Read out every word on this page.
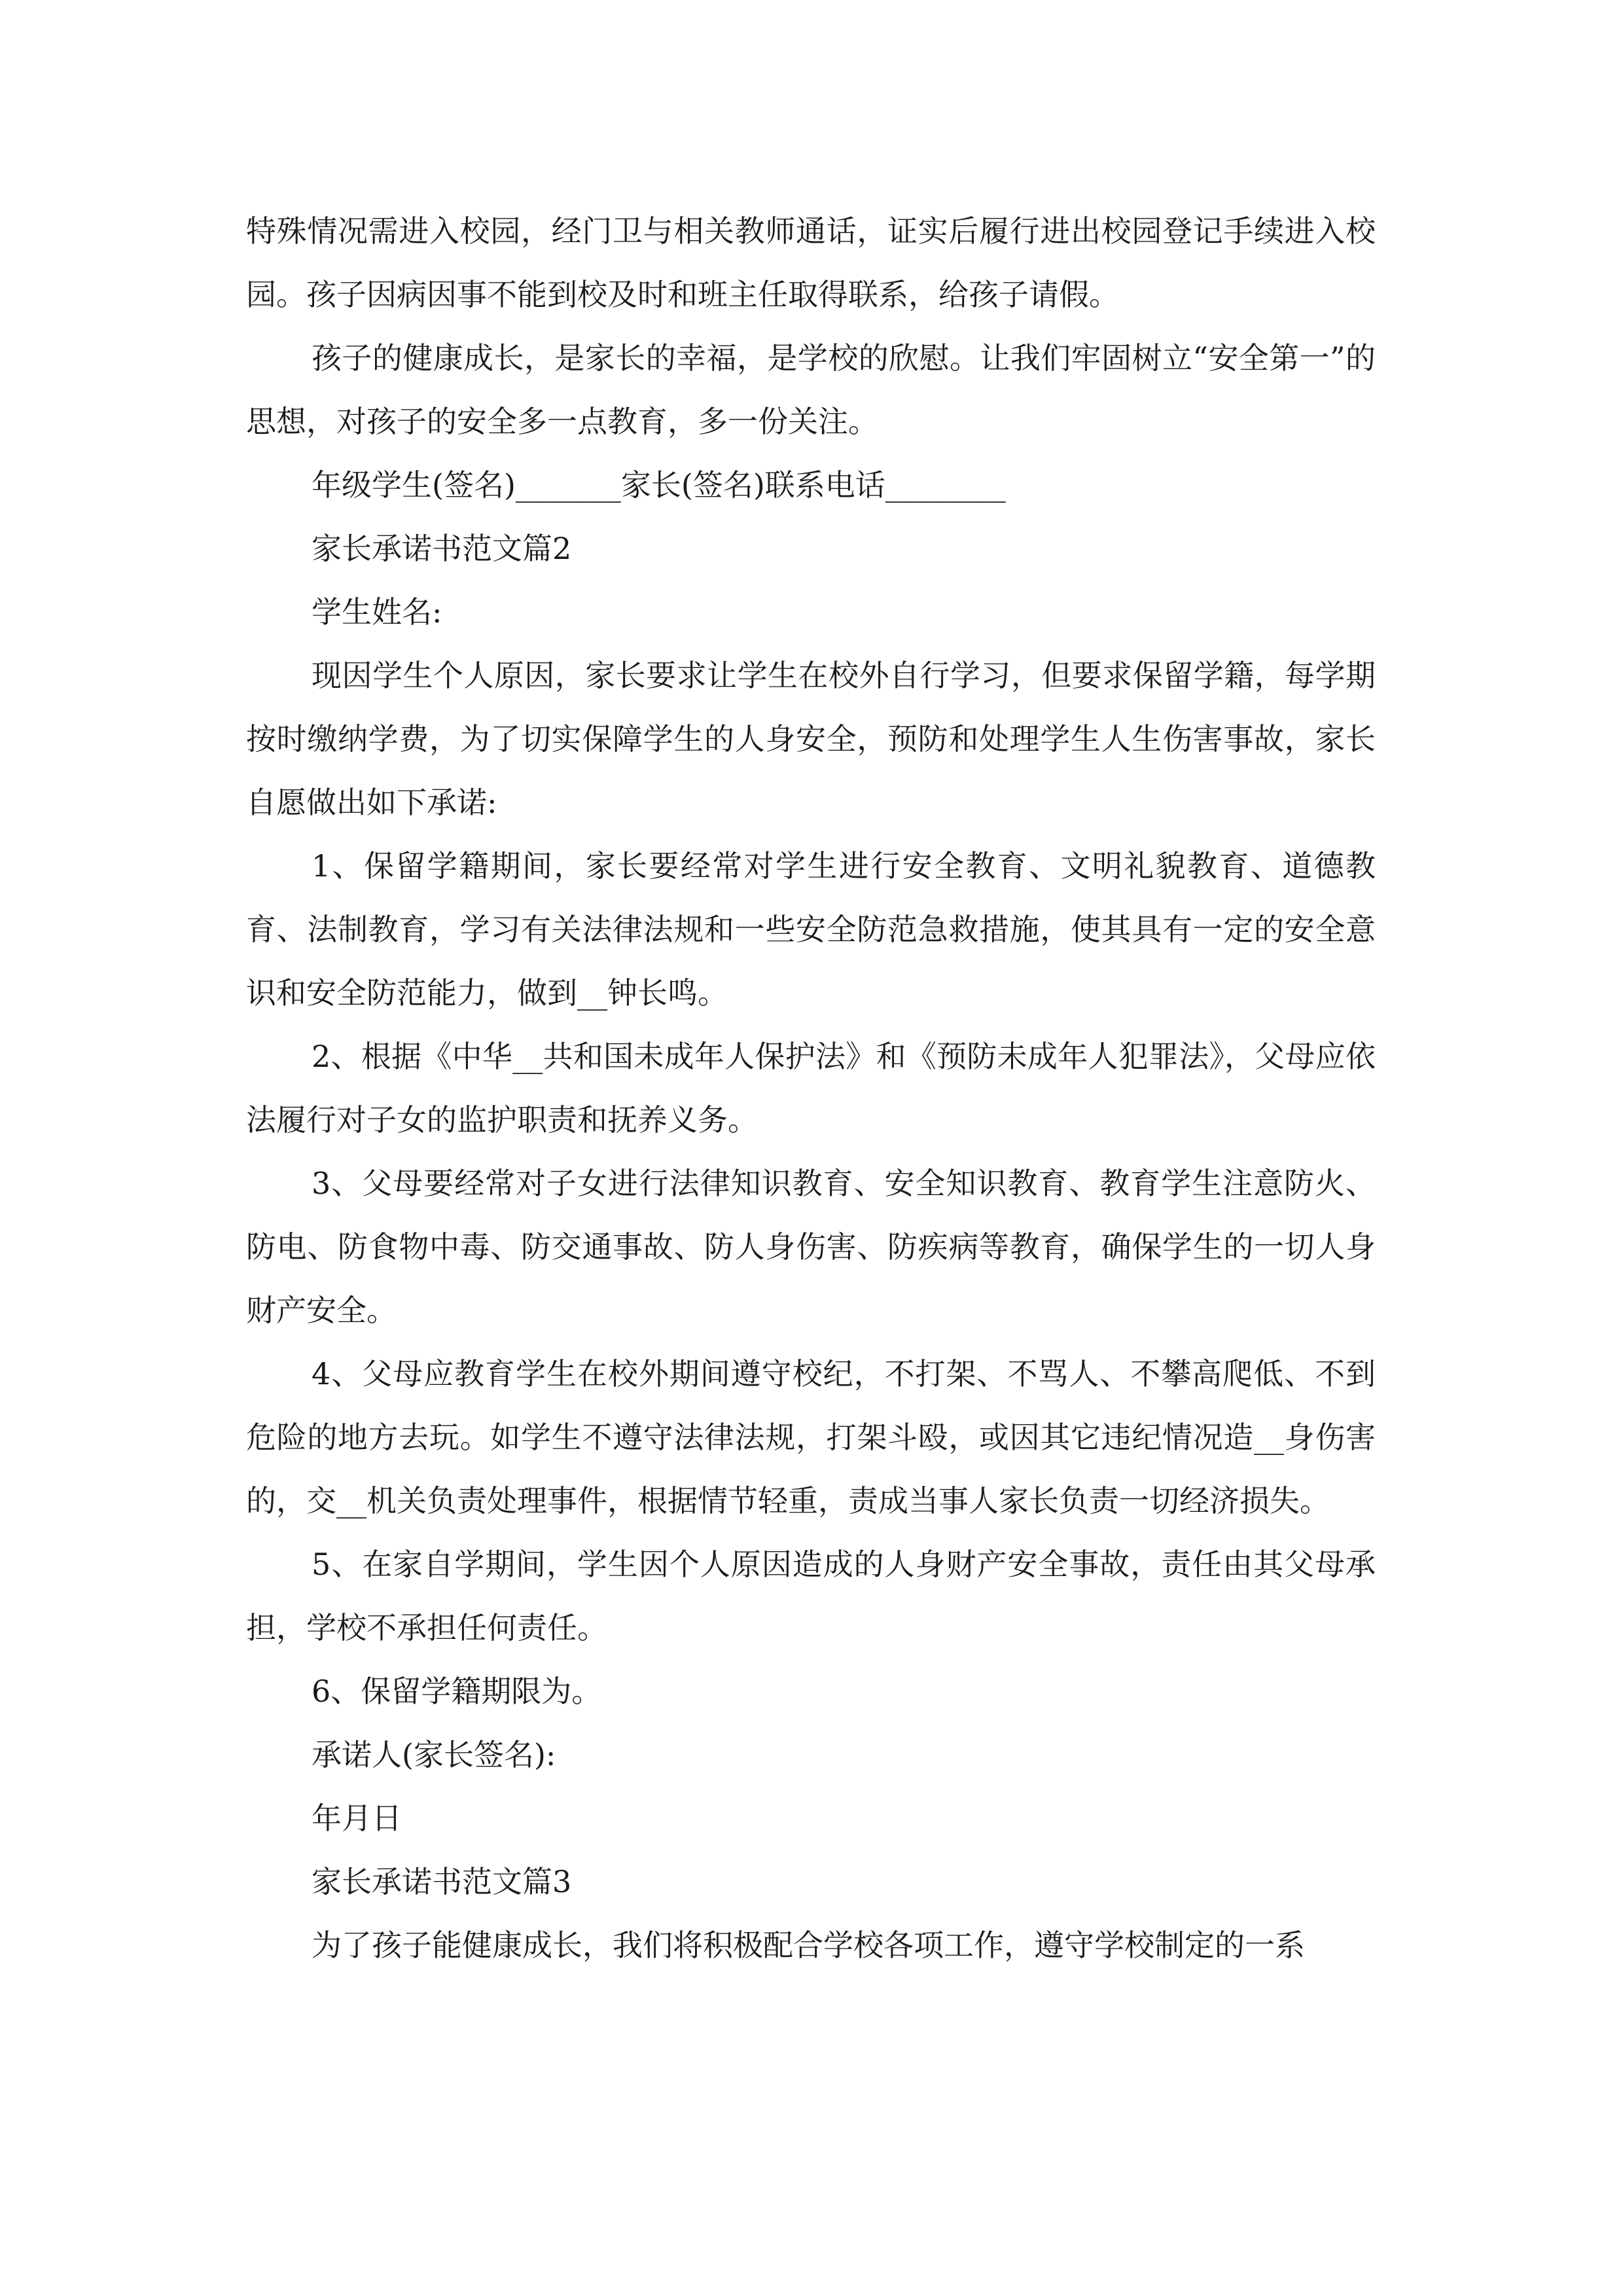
特殊情况需进入校园，经门卫与相关教师通话，证实后履行进出校园登记手续进入校园。孩子因病因事不能到校及时和班主任取得联系，给孩子请假。

孩子的健康成长，是家长的幸福，是学校的欣慰。让我们牢固树立“安全第一”的思想，对孩子的安全多一点教育，多一份关注。

年级学生(签名)_______家长(签名)联系电话________

家长承诺书范文篇2

学生姓名:

现因学生个人原因，家长要求让学生在校外自行学习，但要求保留学籍，每学期按时缴纳学费，为了切实保障学生的人身安全，预防和处理学生人生伤害事故，家长自愿做出如下承诺:

1、保留学籍期间，家长要经常对学生进行安全教育、文明礼貌教育、道德教育、法制教育，学习有关法律法规和一些安全防范急救措施，使其具有一定的安全意识和安全防范能力，做到__钟长鸣。

2、根据《中华__共和国未成年人保护法》和《预防未成年人犯罪法》，父母应依法履行对子女的监护职责和抚养义务。

3、父母要经常对子女进行法律知识教育、安全知识教育、教育学生注意防火、防电、防食物中毒、防交通事故、防人身伤害、防疾病等教育，确保学生的一切人身财产安全。

4、父母应教育学生在校外期间遵守校纪，不打架、不骂人、不攀高爬低、不到危险的地方去玩。如学生不遵守法律法规，打架斗殴，或因其它违纪情况造__身伤害的，交__机关负责处理事件，根据情节轻重，责成当事人家长负责一切经济损失。

5、在家自学期间，学生因个人原因造成的人身财产安全事故，责任由其父母承担，学校不承担任何责任。

6、保留学籍期限为。

承诺人(家长签名):

年月日

家长承诺书范文篇3

为了孩子能健康成长，我们将积极配合学校各项工作，遵守学校制定的一系
